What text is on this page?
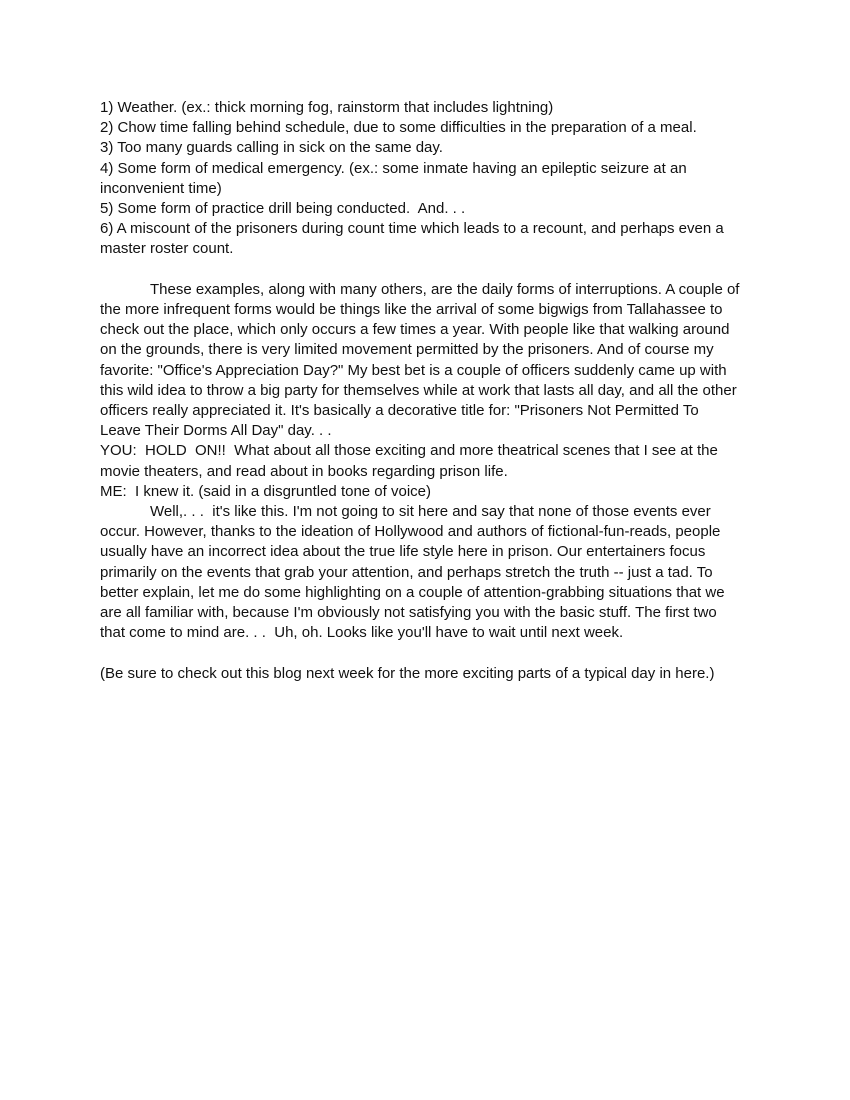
1) Weather. (ex.: thick morning fog, rainstorm that includes lightning)

2) Chow time falling behind schedule, due to some difficulties in the preparation of a meal.

3) Too many guards calling in sick on the same day.

4) Some form of medical emergency. (ex.: some inmate having an epileptic seizure at an inconvenient time)

5) Some form of practice drill being conducted.  And. . .

6) A miscount of the prisoners during count time which leads to a recount, and perhaps even a master roster count.

These examples, along with many others, are the daily forms of interruptions. A couple of the more infrequent forms would be things like the arrival of some bigwigs from Tallahassee to check out the place, which only occurs a few times a year. With people like that walking around on the grounds, there is very limited movement permitted by the prisoners. And of course my favorite: "Office's Appreciation Day?" My best bet is a couple of officers suddenly came up with this wild idea to throw a big party for themselves while at work that lasts all day, and all the other officers really appreciated it. It's basically a decorative title for: "Prisoners Not Permitted To Leave Their Dorms All Day" day. . .

YOU:  HOLD  ON!!  What about all those exciting and more theatrical scenes that I see at the movie theaters, and read about in books regarding prison life.

ME:  I knew it. (said in a disgruntled tone of voice)

Well,. . .  it's like this. I'm not going to sit here and say that none of those events ever occur. However, thanks to the ideation of Hollywood and authors of fictional-fun-reads, people usually have an incorrect idea about the true life style here in prison. Our entertainers focus primarily on the events that grab your attention, and perhaps stretch the truth -- just a tad. To better explain, let me do some highlighting on a couple of attention-grabbing situations that we are all familiar with, because I'm obviously not satisfying you with the basic stuff. The first two that come to mind are. . .  Uh, oh. Looks like you'll have to wait until next week.

(Be sure to check out this blog next week for the more exciting parts of a typical day in here.)
